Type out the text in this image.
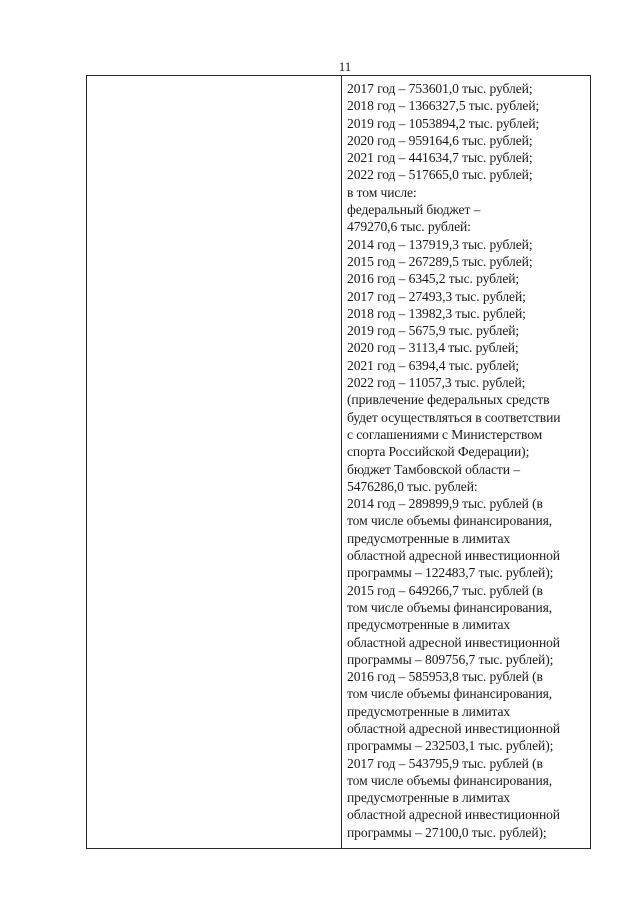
11
2017 год – 753601,0 тыс. рублей;
2018 год – 1366327,5 тыс. рублей;
2019 год – 1053894,2 тыс. рублей;
2020 год – 959164,6 тыс. рублей;
2021 год – 441634,7 тыс. рублей;
2022 год – 517665,0 тыс. рублей;
в том числе:
федеральный бюджет –
479270,6 тыс. рублей:
2014 год – 137919,3 тыс. рублей;
2015 год – 267289,5 тыс. рублей;
2016 год – 6345,2 тыс. рублей;
2017 год – 27493,3 тыс. рублей;
2018 год – 13982,3 тыс. рублей;
2019 год – 5675,9 тыс. рублей;
2020 год – 3113,4 тыс. рублей;
2021 год – 6394,4 тыс. рублей;
2022 год – 11057,3 тыс. рублей;
(привлечение федеральных средств
будет осуществляться в соответствии
с соглашениями с Министерством
спорта Российской Федерации);
бюджет Тамбовской области –
5476286,0 тыс. рублей:
2014 год – 289899,9 тыс. рублей (в
том числе объемы финансирования,
предусмотренные в лимитах
областной адресной инвестиционной
программы – 122483,7 тыс. рублей);
2015 год – 649266,7 тыс. рублей (в
том числе объемы финансирования,
предусмотренные в лимитах
областной адресной инвестиционной
программы – 809756,7 тыс. рублей);
2016 год – 585953,8 тыс. рублей (в
том числе объемы финансирования,
предусмотренные в лимитах
областной адресной инвестиционной
программы – 232503,1 тыс. рублей);
2017 год – 543795,9 тыс. рублей (в
том числе объемы финансирования,
предусмотренные в лимитах
областной адресной инвестиционной
программы – 27100,0 тыс. рублей);
